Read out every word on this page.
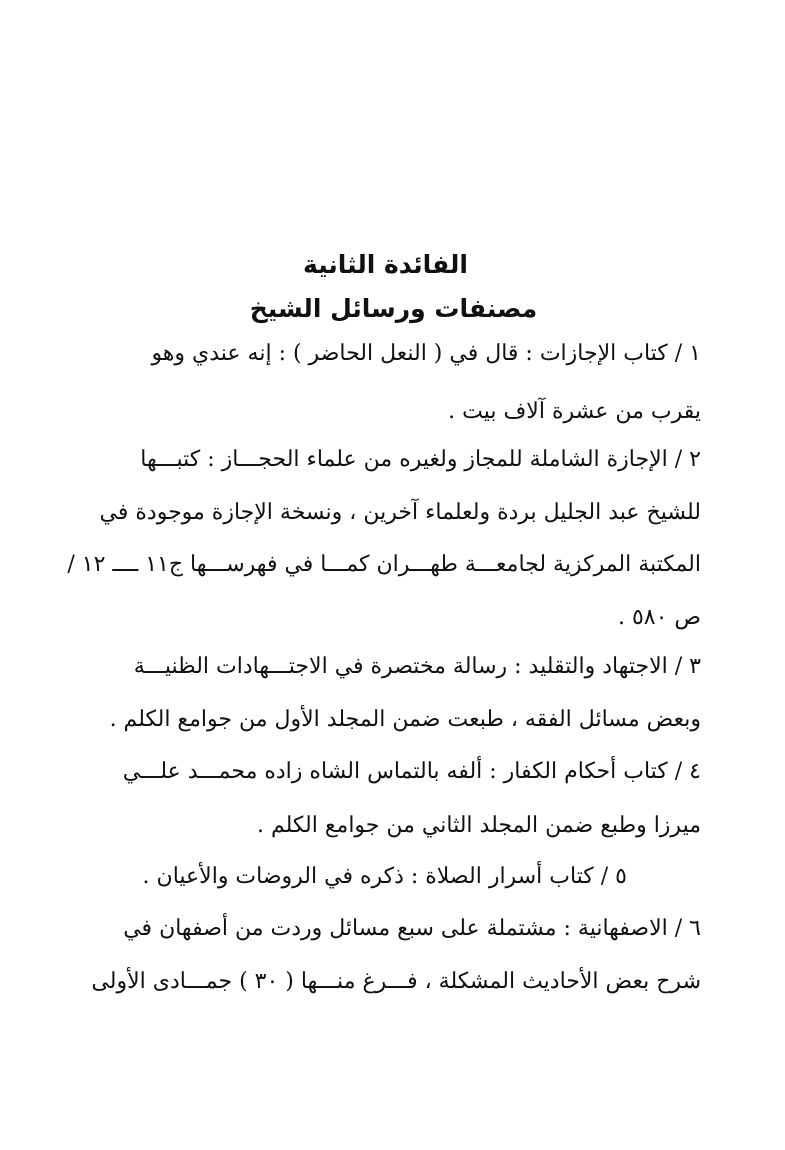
الفائدة الثانية
مصنفات ورسائل الشيخ
١ / كتاب الإجازات : قال في ( النعل الحاضر ) : إنه عندي وهو
يقرب من عشرة آلاف بيت .
٢ / الإجازة الشاملة للمجاز ولغيره من علماء الحجـــاز : كتبـــها
للشيخ عبد الجليل بردة ولعلماء آخرين ، ونسخة الإجازة موجودة في
المكتبة المركزية لجامعـــة طهـــران كمـــا في فهرســـها ج١١ ــــ ١٢ /
ص ٥٨٠ .
٣ / الاجتهاد والتقليد : رسالة مختصرة في الاجتـــهادات الظنيـــة
وبعض مسائل الفقه ، طبعت ضمن المجلد الأول من جوامع الكلم .
٤ / كتاب أحكام الكفار : ألفه بالتماس الشاه زاده محمـــد علـــي
ميرزا وطبع ضمن المجلد الثاني من جوامع الكلم .
٥ / كتاب أسرار الصلاة : ذكره في الروضات والأعيان .
٦ / الاصفهانية : مشتملة على سبع مسائل وردت من أصفهان في
شرح بعض الأحاديث المشكلة ، فـــرغ منـــها ( ٣٠ ) جمـــادى الأولى
